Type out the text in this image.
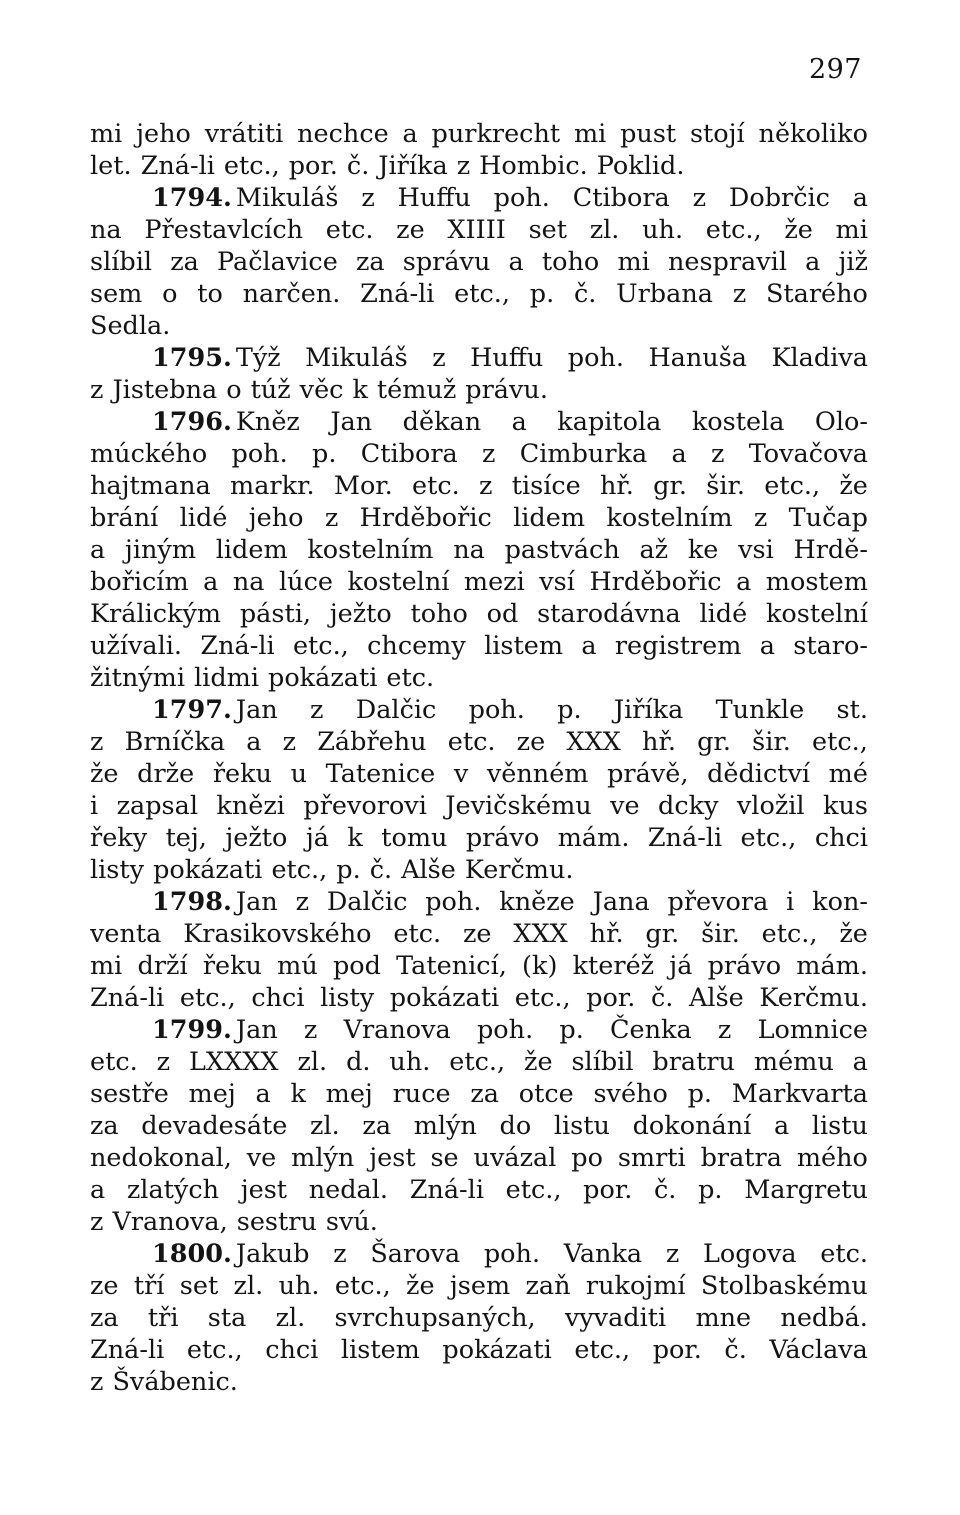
297
mi jeho vrátiti nechce a purkrecht mi pust stojí několiko
let. Zná-li etc., por. č. Jiříka z Hombic. Poklid.
1794. Mikuláš z Huffu poh. Ctibora z Dobrčic a
na Přestavlcích etc. ze XIIII set zl. uh. etc., že mi
slíbil za Pačlavice za správu a toho mi nespravil a již
sem o to narčen. Zná-li etc., p. č. Urbana z Starého
Sedla.
1795. Týž Mikuláš z Huffu poh. Hanuša Kladiva
z Jistebna o túž věc k témuž právu.
1796. Kněz Jan děkan a kapitola kostela Olo-
múckého poh. p. Ctibora z Cimburka a z Tovačova
hajtmana markr. Mor. etc. z tisíce hř. gr. šir. etc., že
brání lidé jeho z Hrděbořic lidem kostelním z Tučap
a jiným lidem kostelním na pastvách až ke vsi Hrdě-
bořicím a na lúce kostelní mezi vsí Hrděbořic a mostem
Králickým pásti, ježto toho od starodávna lidé kostelní
užívali. Zná-li etc., chcemy listem a registrem a staro-
žitnými lidmi pokázati etc.
1797. Jan z Dalčic poh. p. Jiříka Tunkle st.
z Brníčka a z Zábřehu etc. ze XXX hř. gr. šir. etc.,
že drže řeku u Tatenice v věnném právě, dědictví mé
i zapsal knězi převorovi Jevičskému ve dcky vložil kus
řeky tej, ježto já k tomu právo mám. Zná-li etc., chci
listy pokázati etc., p. č. Alše Kerčmu.
1798. Jan z Dalčic poh. kněze Jana převora i kon-
venta Krasikovského etc. ze XXX hř. gr. šir. etc., že
mi drží řeku mú pod Tatenicí, (k) kteréž já právo mám.
Zná-li etc., chci listy pokázati etc., por. č. Alše Kerčmu.
1799. Jan z Vranova poh. p. Čenka z Lomnice
etc. z LXXXX zl. d. uh. etc., že slíbil bratru mému a
sestře mej a k mej ruce za otce svého p. Markvarta
za devadesáte zl. za mlýn do listu dokonání a listu
nedokonal, ve mlýn jest se uvázal po smrti bratra mého
a zlatých jest nedal. Zná-li etc., por. č. p. Margretu
z Vranova, sestru svú.
1800. Jakub z Šarova poh. Vanka z Logova etc.
ze tří set zl. uh. etc., že jsem zaň rukojmí Stolbaskému
za tři sta zl. svrchupsaných, vyvaditi mne nedbá.
Zná-li etc., chci listem pokázati etc., por. č. Václava
z Švábenic.
